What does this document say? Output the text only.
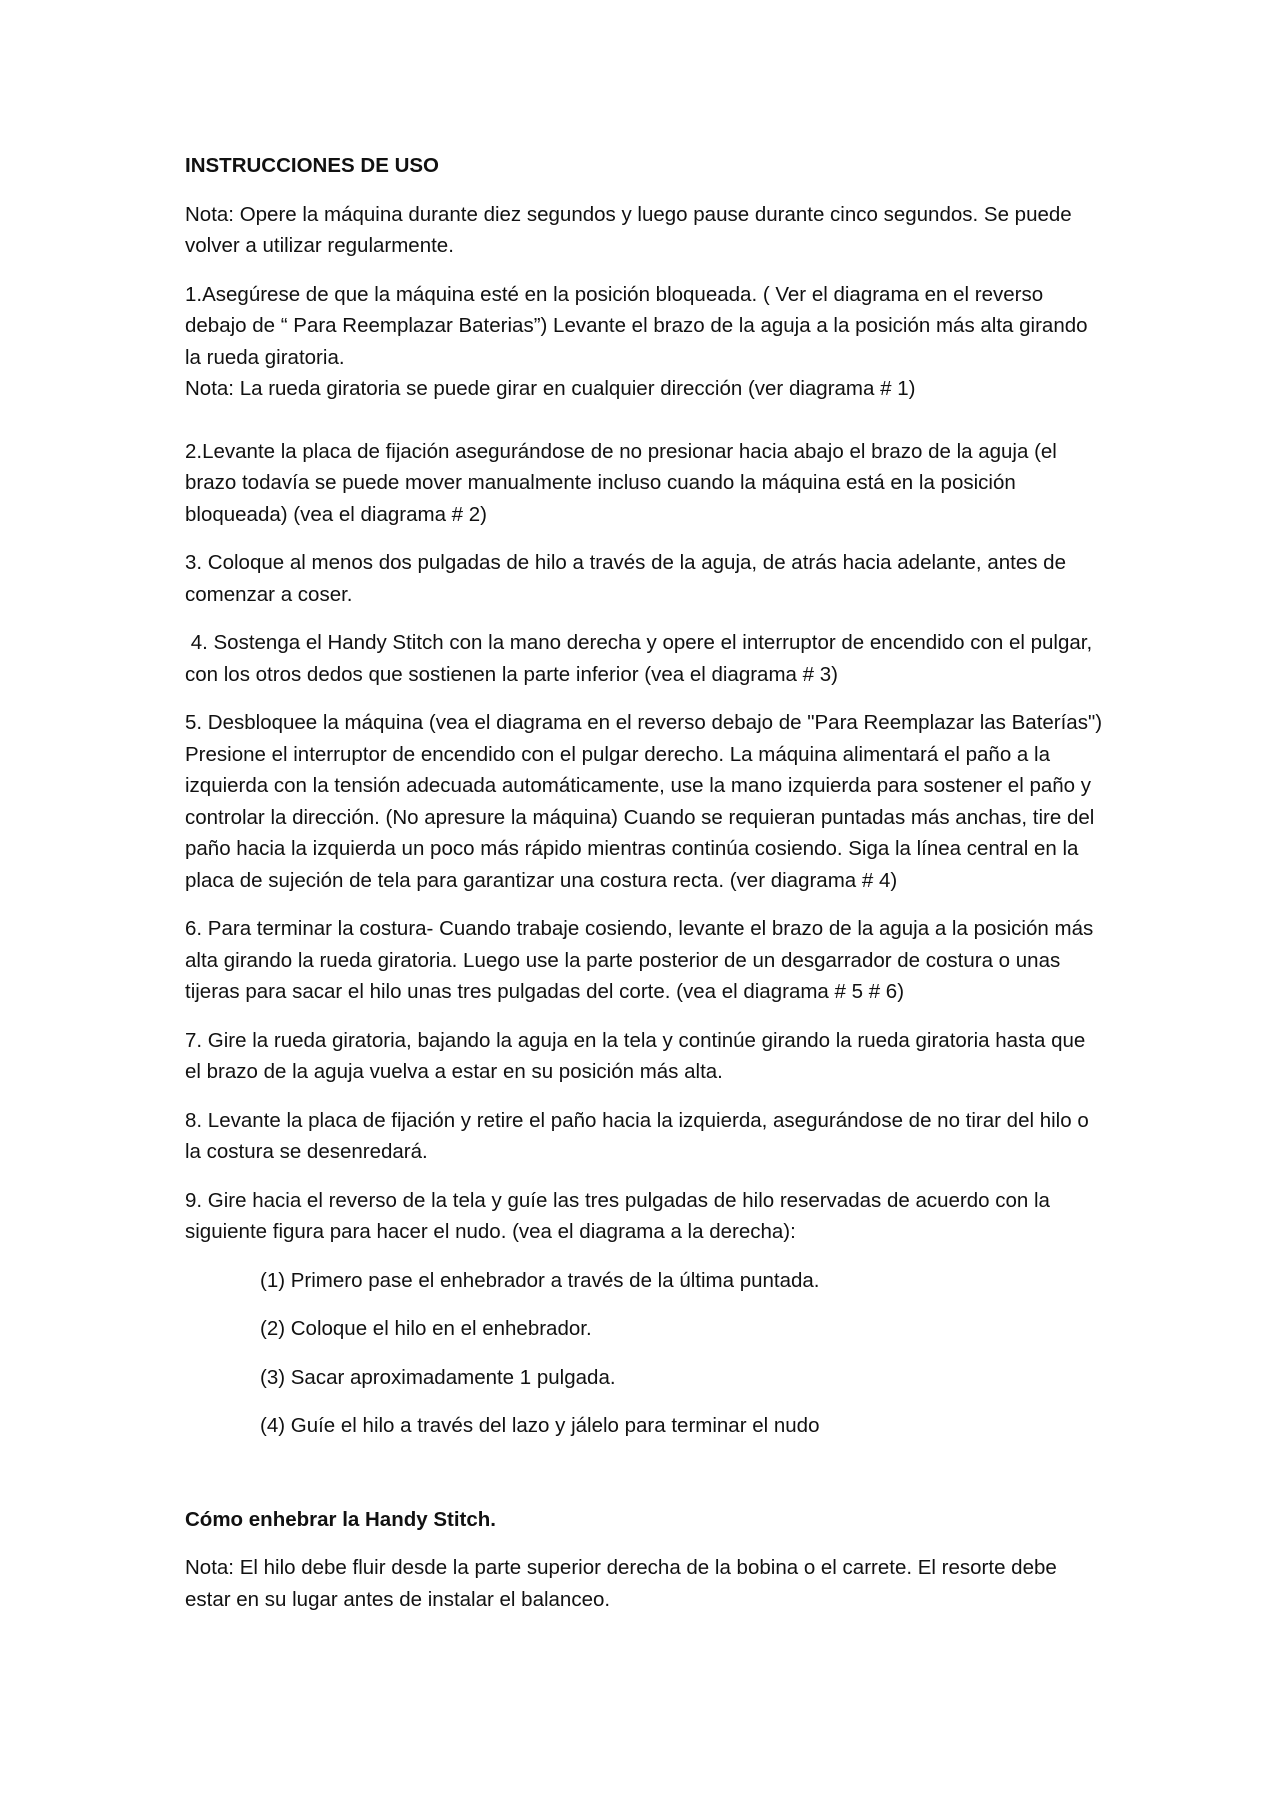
INSTRUCCIONES DE USO
Nota: Opere la máquina durante diez segundos y luego pause durante cinco segundos. Se puede volver a utilizar regularmente.
1.Asegúrese de que la máquina esté en la posición bloqueada. ( Ver el diagrama en el reverso debajo de “ Para Reemplazar Baterias”) Levante el brazo de la aguja a la posición más alta girando la rueda giratoria.
Nota: La rueda giratoria se puede girar en cualquier dirección (ver diagrama # 1)
2.Levante la placa de fijación asegurándose de no presionar hacia abajo el brazo de la aguja (el brazo todavía se puede mover manualmente incluso cuando la máquina está en la posición bloqueada) (vea el diagrama # 2)
3. Coloque al menos dos pulgadas de hilo a través de la aguja, de atrás hacia adelante, antes de comenzar a coser.
4. Sostenga el Handy Stitch con la mano derecha y opere el interruptor de encendido con el pulgar, con los otros dedos que sostienen la parte inferior (vea el diagrama # 3)
5. Desbloquee la máquina (vea el diagrama en el reverso debajo de "Para Reemplazar las Baterías") Presione el interruptor de encendido con el pulgar derecho. La máquina alimentará el paño a la izquierda con la tensión adecuada automáticamente, use la mano izquierda para sostener el paño y controlar la dirección. (No apresure la máquina) Cuando se requieran puntadas más anchas, tire del paño hacia la izquierda un poco más rápido mientras continúa cosiendo. Siga la línea central en la placa de sujeción de tela para garantizar una costura recta. (ver diagrama # 4)
6. Para terminar la costura- Cuando trabaje cosiendo, levante el brazo de la aguja a la posición más alta girando la rueda giratoria. Luego use la parte posterior de un desgarrador de costura o unas tijeras para sacar el hilo unas tres pulgadas del corte. (vea el diagrama # 5 # 6)
7. Gire la rueda giratoria, bajando la aguja en la tela y continúe girando la rueda giratoria hasta que el brazo de la aguja vuelva a estar en su posición más alta.
8. Levante la placa de fijación y retire el paño hacia la izquierda, asegurándose de no tirar del hilo o la costura se desenredará.
9. Gire hacia el reverso de la tela y guíe las tres pulgadas de hilo reservadas de acuerdo con la siguiente figura para hacer el nudo. (vea el diagrama a la derecha):
(1) Primero pase el enhebrador a través de la última puntada.
(2) Coloque el hilo en el enhebrador.
(3) Sacar aproximadamente 1 pulgada.
(4) Guíe el hilo a través del lazo y jálelo para terminar el nudo
Cómo enhebrar la Handy Stitch.
Nota: El hilo debe fluir desde la parte superior derecha de la bobina o el carrete. El resorte debe estar en su lugar antes de instalar el balanceo.
